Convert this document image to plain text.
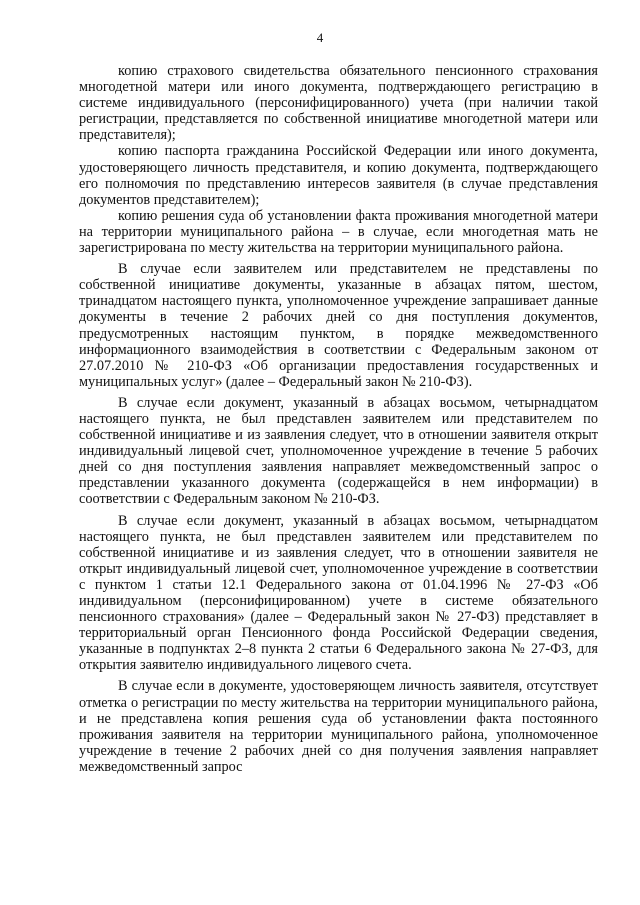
4

копию страхового свидетельства обязательного пенсионного страхования многодетной матери или иного документа, подтверждающего регистрацию в системе индивидуального (персонифицированного) учета (при наличии такой регистрации, представляется по собственной инициативе многодетной матери или представителя);

копию паспорта гражданина Российской Федерации или иного документа, удостоверяющего личность представителя, и копию документа, подтверждающего его полномочия по представлению интересов заявителя (в случае представления документов представителем);

копию решения суда об установлении факта проживания многодетной матери на территории муниципального района – в случае, если многодетная мать не зарегистрирована по месту жительства на территории муниципального района.

В случае если заявителем или представителем не представлены по собственной инициативе документы, указанные в абзацах пятом, шестом, тринадцатом настоящего пункта, уполномоченное учреждение запрашивает данные документы в течение 2 рабочих дней со дня поступления документов, предусмотренных настоящим пунктом, в порядке межведомственного информационного взаимодействия в соответствии с Федеральным законом от 27.07.2010 № 210-ФЗ «Об организации предоставления государственных и муниципальных услуг» (далее – Федеральный закон № 210-ФЗ).

В случае если документ, указанный в абзацах восьмом, четырнадцатом настоящего пункта, не был представлен заявителем или представителем по собственной инициативе и из заявления следует, что в отношении заявителя открыт индивидуальный лицевой счет, уполномоченное учреждение в течение 5 рабочих дней со дня поступления заявления направляет межведомственный запрос о представлении указанного документа (содержащейся в нем информации) в соответствии с Федеральным законом № 210-ФЗ.

В случае если документ, указанный в абзацах восьмом, четырнадцатом настоящего пункта, не был представлен заявителем или представителем по собственной инициативе и из заявления следует, что в отношении заявителя не открыт индивидуальный лицевой счет, уполномоченное учреждение в соответствии с пунктом 1 статьи 12.1 Федерального закона от 01.04.1996 № 27-ФЗ «Об индивидуальном (персонифицированном) учете в системе обязательного пенсионного страхования» (далее – Федеральный закон № 27-ФЗ) представляет в территориальный орган Пенсионного фонда Российской Федерации сведения, указанные в подпунктах 2–8 пункта 2 статьи 6 Федерального закона № 27-ФЗ, для открытия заявителю индивидуального лицевого счета.

В случае если в документе, удостоверяющем личность заявителя, отсутствует отметка о регистрации по месту жительства на территории муниципального района, и не представлена копия решения суда об установлении факта постоянного проживания заявителя на территории муниципального района, уполномоченное учреждение в течение 2 рабочих дней со дня получения заявления направляет межведомственный запрос
